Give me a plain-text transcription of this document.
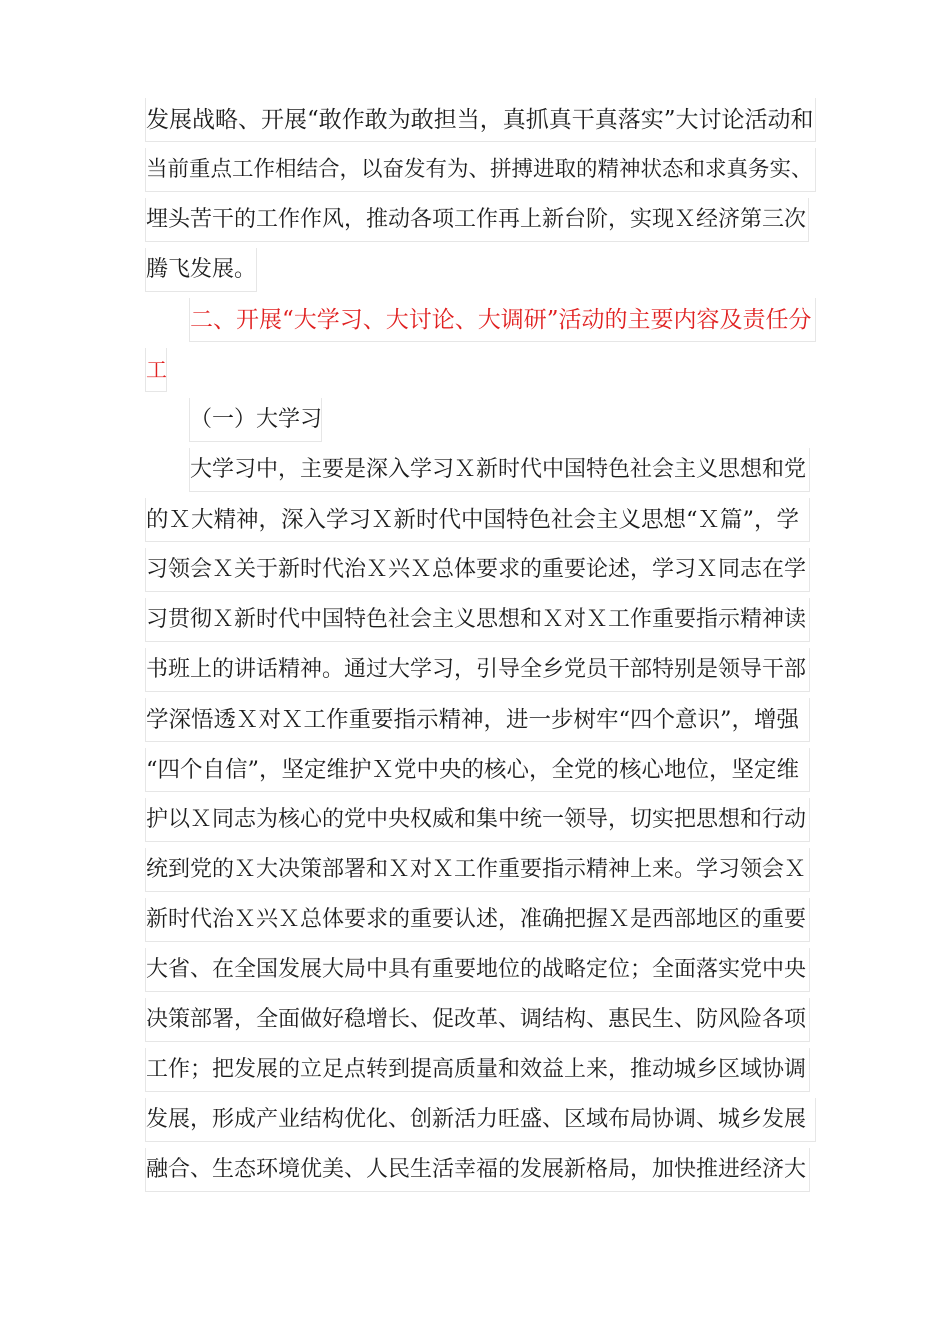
发展战略、开展“敢作敢为敢担当，真抓真干真落实”大讨论活动和
当前重点工作相结合，以奋发有为、拼搏进取的精神状态和求真务实、
埋头苦干的工作作风，推动各项工作再上新台阶，实现Ｘ经济第三次
腾飞发展。
二、开展“大学习、大讨论、大调研”活动的主要内容及责任分
工
（一）大学习
大学习中，主要是深入学习Ｘ新时代中国特色社会主义思想和党
的Ｘ大精神，深入学习Ｘ新时代中国特色社会主义思想“Ｘ篇”，学
习领会Ｘ关于新时代治Ｘ兴Ｘ总体要求的重要论述，学习Ｘ同志在学
习贯彻Ｘ新时代中国特色社会主义思想和Ｘ对Ｘ工作重要指示精神读
书班上的讲话精神。通过大学习，引导全乡党员干部特别是领导干部
学深悟透Ｘ对Ｘ工作重要指示精神，进一步树牢“四个意识”，增强
“四个自信”，坚定维护Ｘ党中央的核心，全党的核心地位，坚定维
护以Ｘ同志为核心的党中央权威和集中统一领导，切实把思想和行动
统到党的Ｘ大决策部署和Ｘ对Ｘ工作重要指示精神上来。学习领会Ｘ
新时代治Ｘ兴Ｘ总体要求的重要认述，准确把握Ｘ是西部地区的重要
大省、在全国发展大局中具有重要地位的战略定位；全面落实党中央
决策部署，全面做好稳增长、促改革、调结构、惠民生、防风险各项
工作；把发展的立足点转到提高质量和效益上来，推动城乡区域协调
发展，形成产业结构优化、创新活力旺盛、区域布局协调、城乡发展
融合、生态环境优美、人民生活幸福的发展新格局，加快推进经济大
